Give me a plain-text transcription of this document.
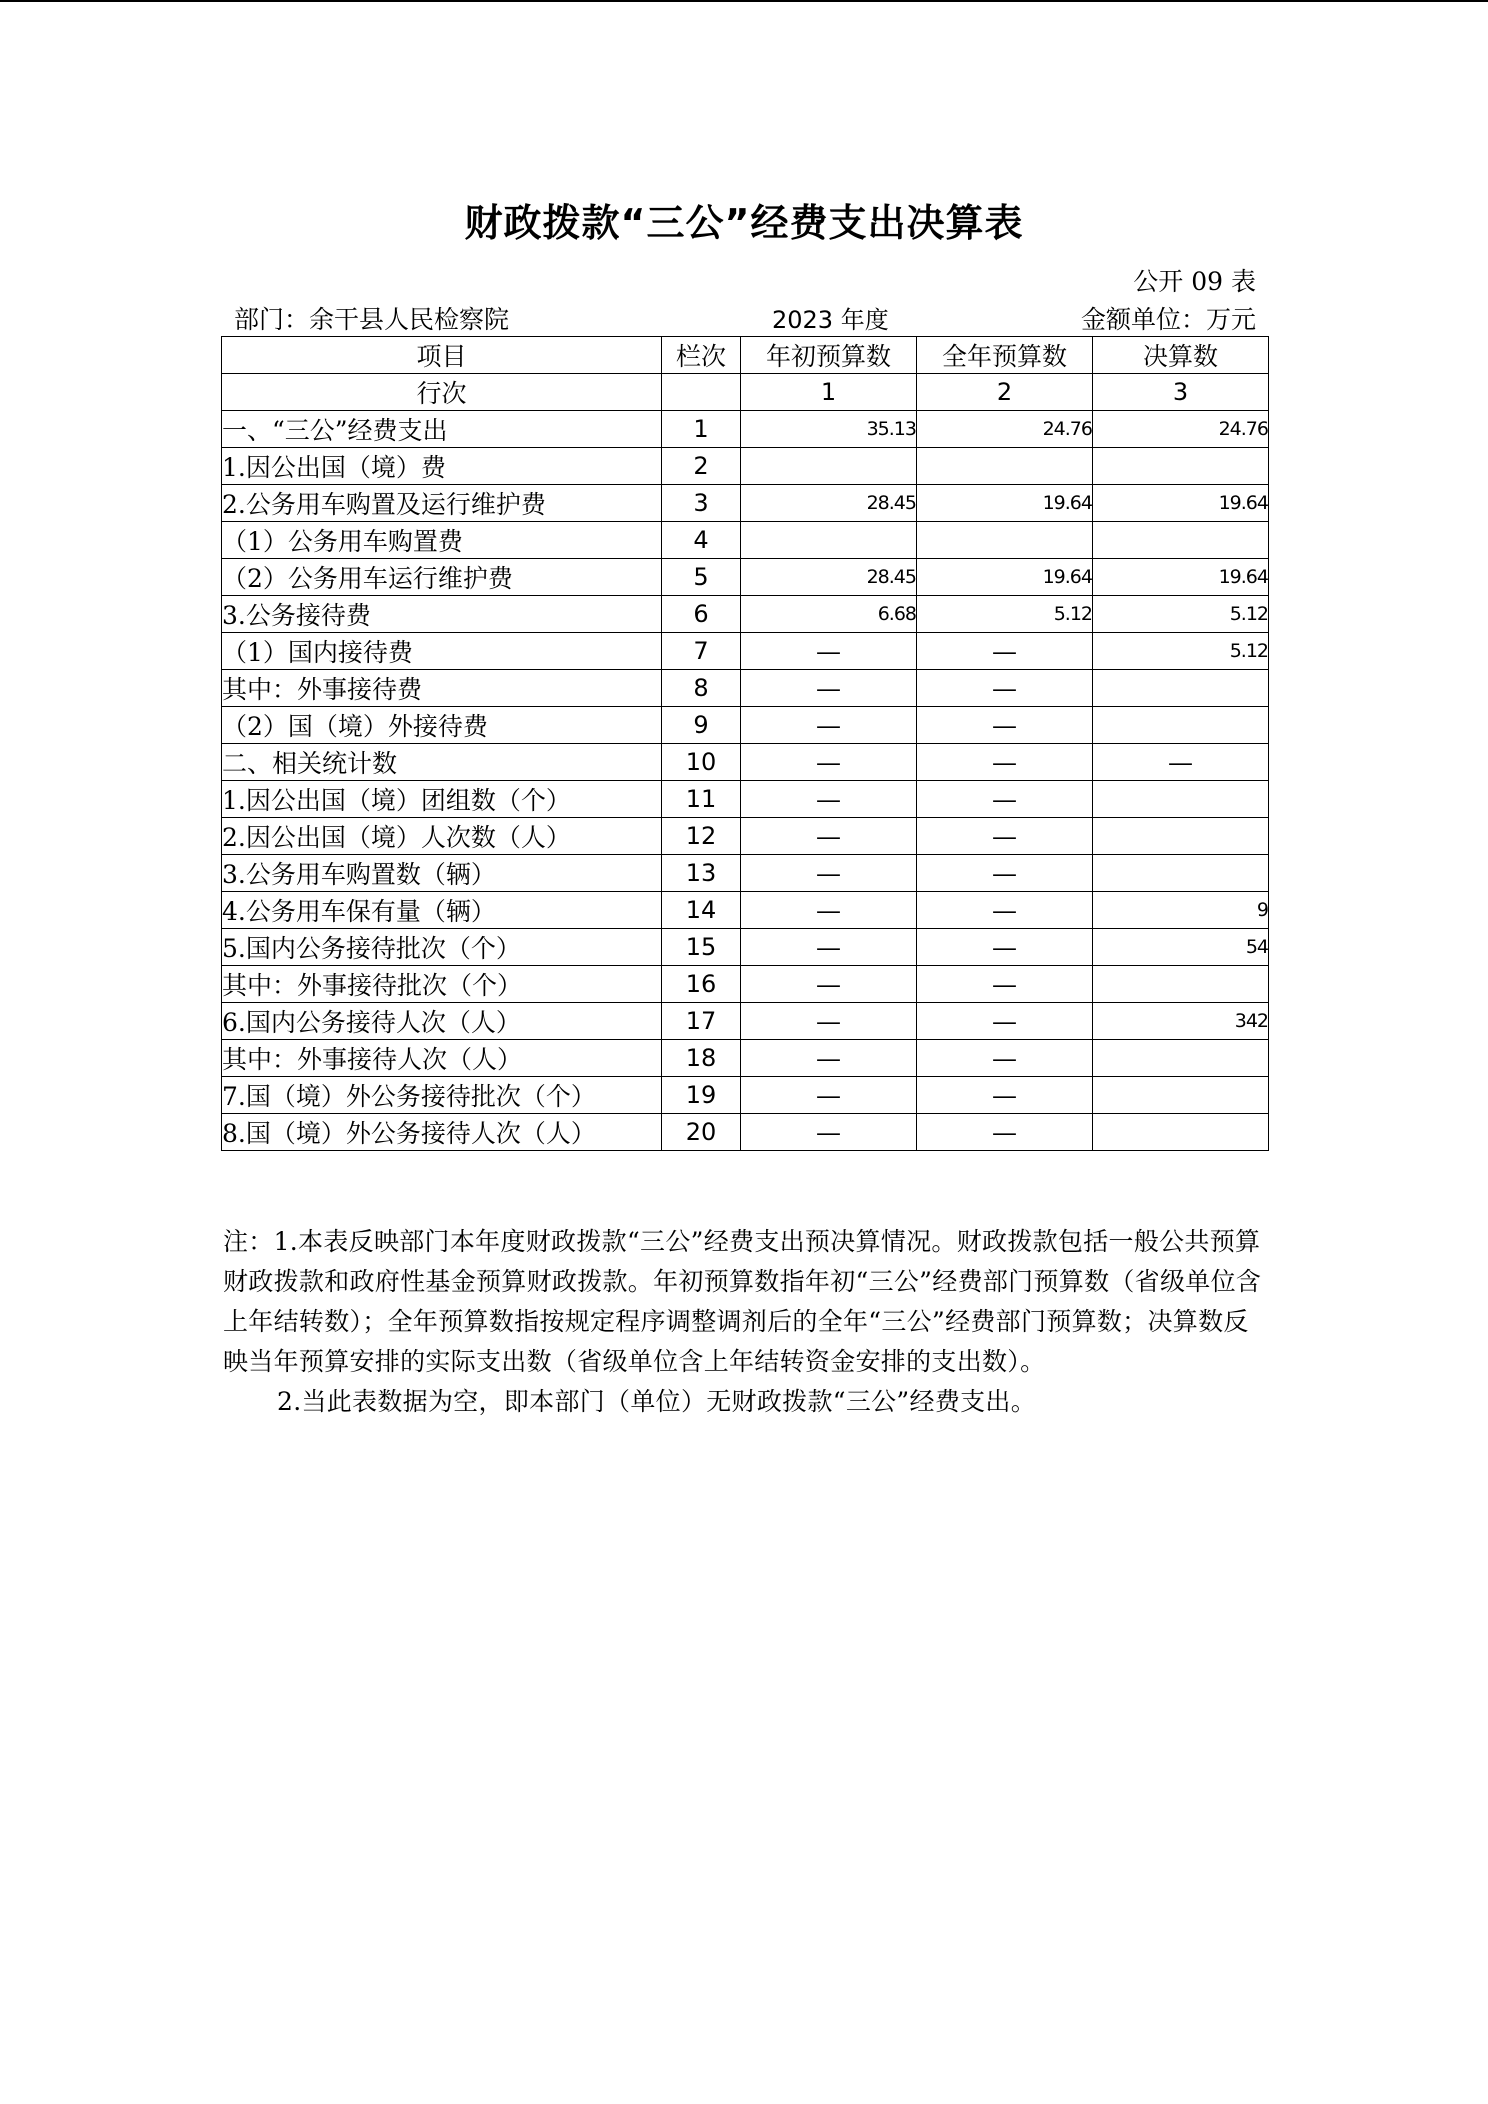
财政拨款“三公”经费支出决算表
公开 09 表
部门：余干县人民检察院	2023 年度	金额单位：万元
项目	栏次	年初预算数	全年预算数	决算数
行次		1	2	3
一、“三公”经费支出	1	35.13	24.76	24.76
1.因公出国（境）费	2			
2.公务用车购置及运行维护费	3	28.45	19.64	19.64
（1）公务用车购置费	4			
（2）公务用车运行维护费	5	28.45	19.64	19.64
3.公务接待费	6	6.68	5.12	5.12
（1）国内接待费	7	—	—	5.12
其中：外事接待费	8	—	—	
（2）国（境）外接待费	9	—	—	
二、相关统计数	10	—	—	—
1.因公出国（境）团组数（个）	11	—	—	
2.因公出国（境）人次数（人）	12	—	—	
3.公务用车购置数（辆）	13	—	—	
4.公务用车保有量（辆）	14	—	—	9
5.国内公务接待批次（个）	15	—	—	54
其中：外事接待批次（个）	16	—	—	
6.国内公务接待人次（人）	17	—	—	342
其中：外事接待人次（人）	18	—	—	
7.国（境）外公务接待批次（个）	19	—	—	
8.国（境）外公务接待人次（人）	20	—	—	

注：1.本表反映部门本年度财政拨款“三公”经费支出预决算情况。财政拨款包括一般公共预算财政拨款和政府性基金预算财政拨款。年初预算数指年初“三公”经费部门预算数（省级单位含上年结转数）；全年预算数指按规定程序调整调剂后的全年“三公”经费部门预算数；决算数反映当年预算安排的实际支出数（省级单位含上年结转资金安排的支出数）。

2.当此表数据为空，即本部门（单位）无财政拨款“三公”经费支出。
